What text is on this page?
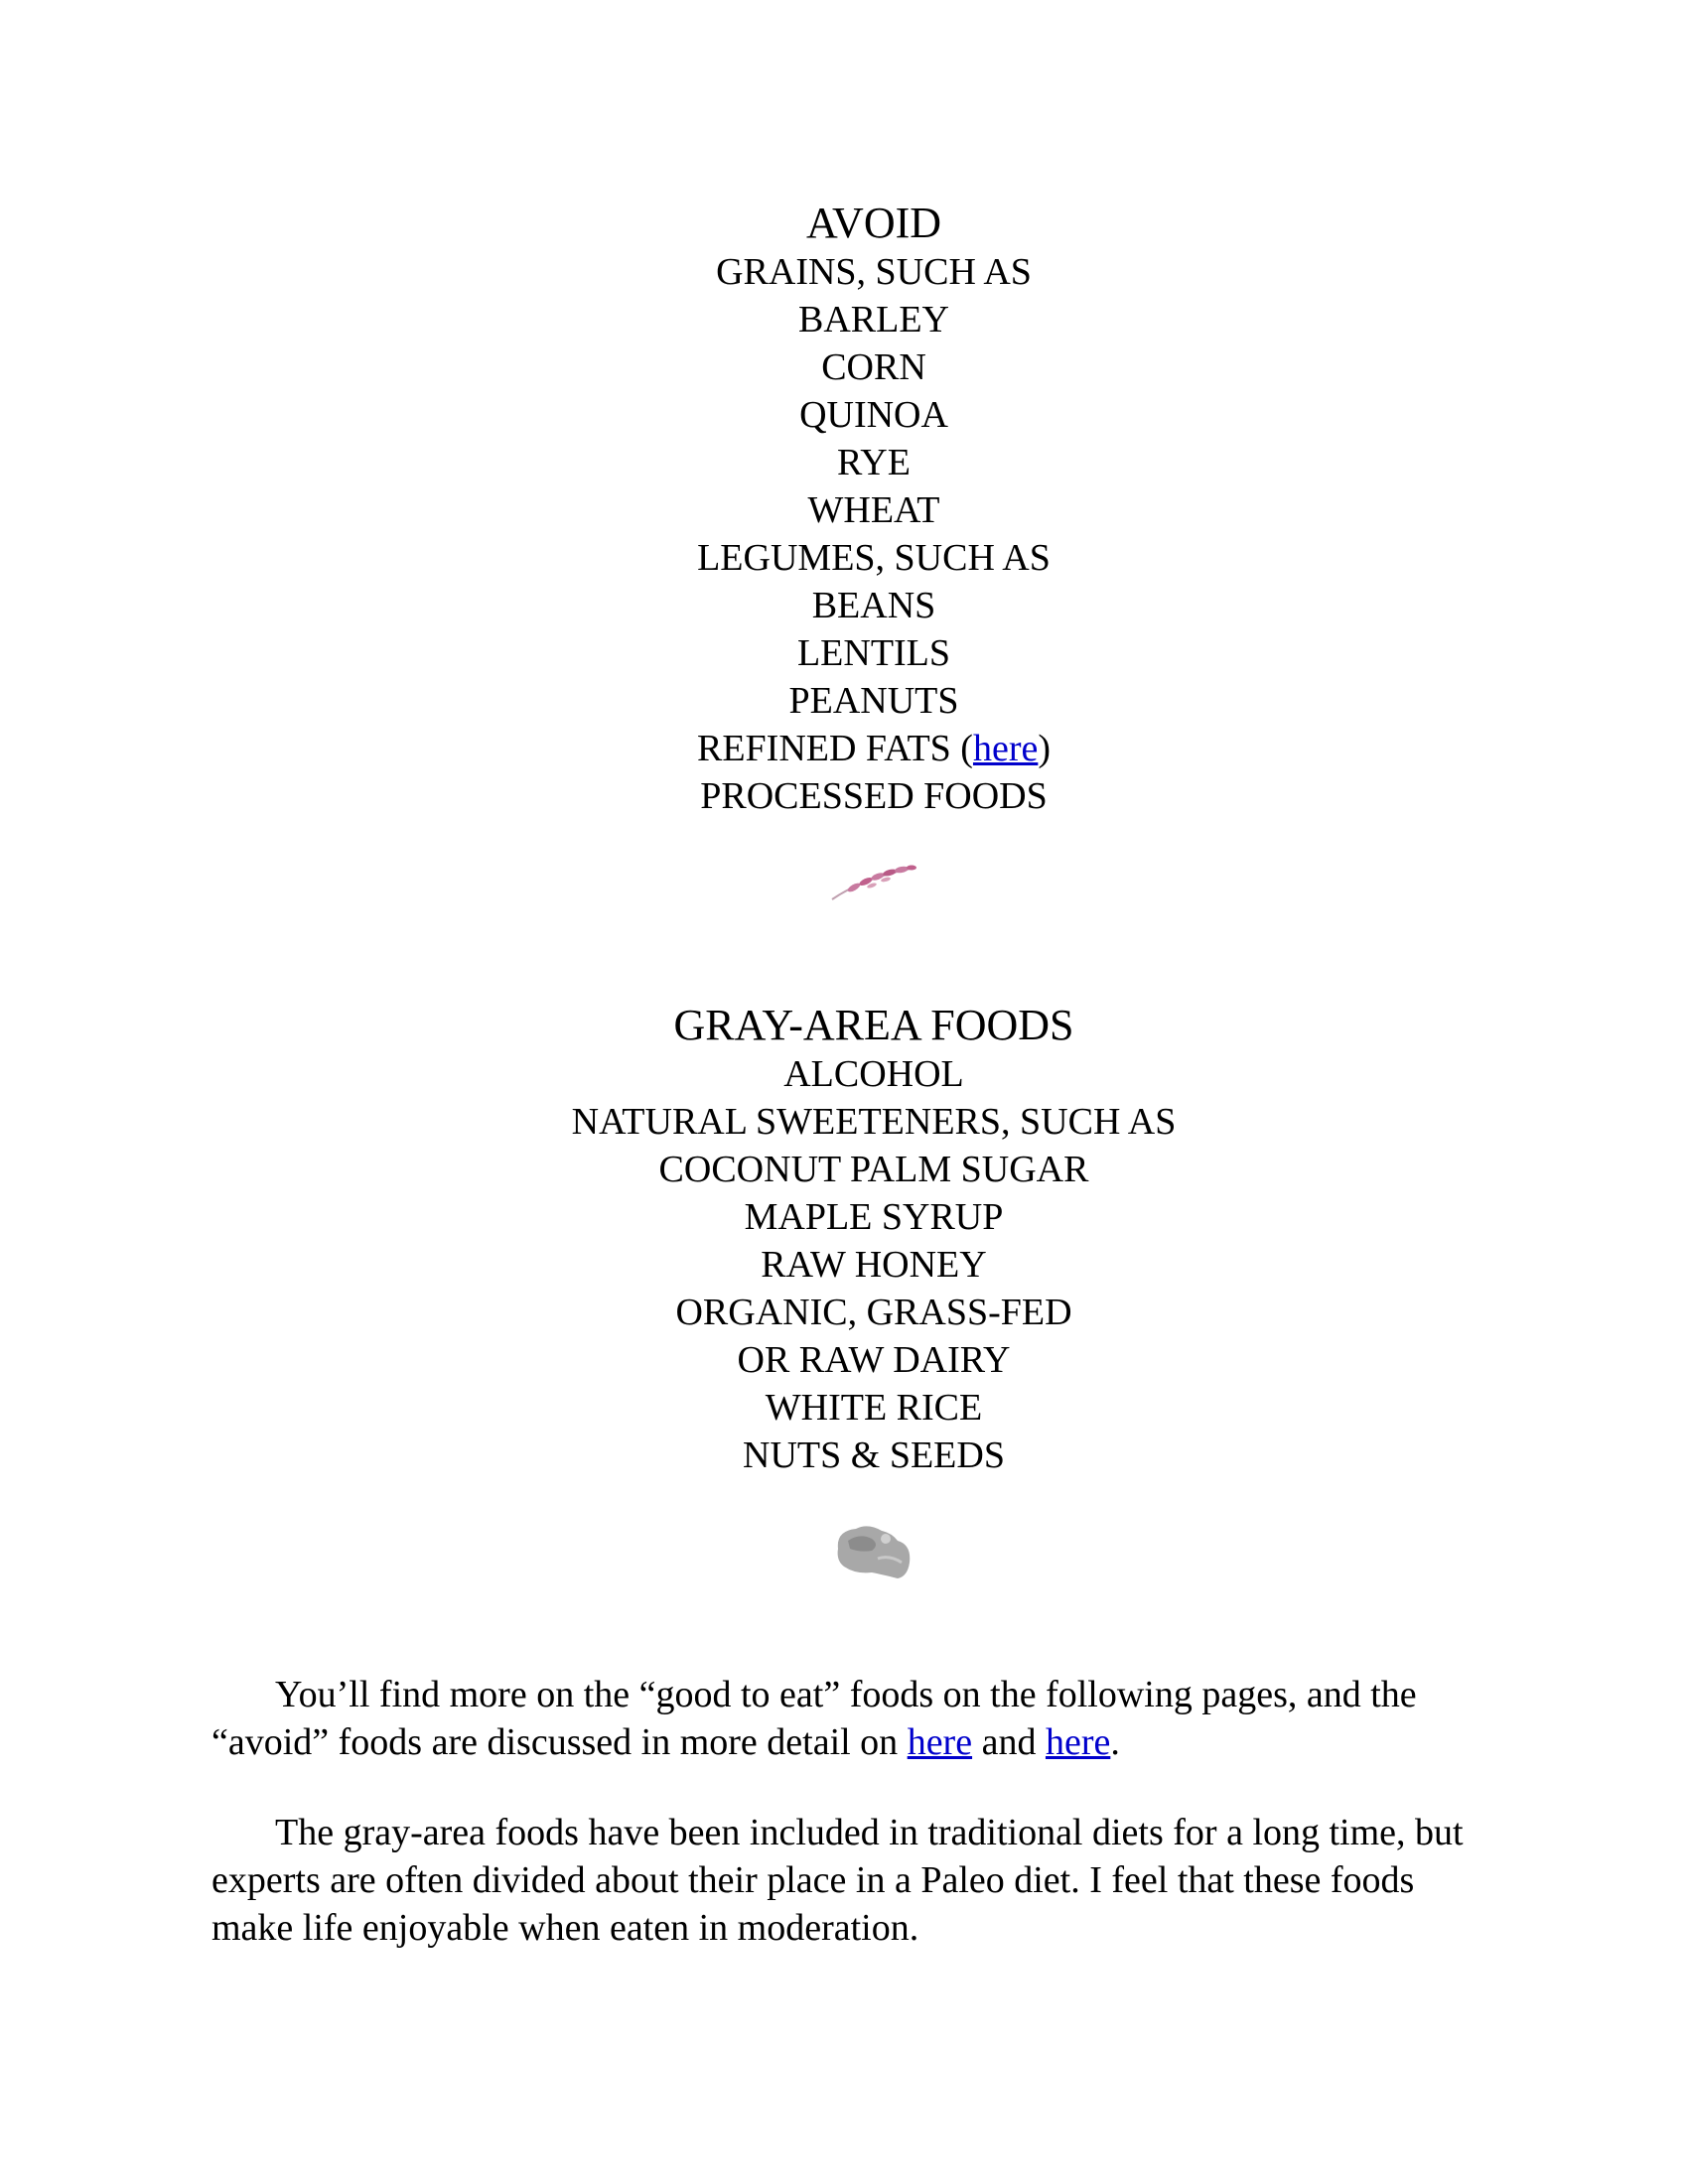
AVOID

GRAINS, SUCH AS

BARLEY

CORN

QUINOA

RYE

WHEAT

LEGUMES, SUCH AS

BEANS

LENTILS

PEANUTS

REFINED FATS (here)

PROCESSED FOODS

GRAY-AREA FOODS

ALCOHOL

NATURAL SWEETENERS, SUCH AS

COCONUT PALM SUGAR

MAPLE SYRUP

RAW HONEY

ORGANIC, GRASS-FED

OR RAW DAIRY

WHITE RICE

NUTS & SEEDS

You’ll find more on the “good to eat” foods on the following pages, and the “avoid” foods are discussed in more detail on here and here.

The gray-area foods have been included in traditional diets for a long time, but experts are often divided about their place in a Paleo diet. I feel that these foods make life enjoyable when eaten in moderation.
